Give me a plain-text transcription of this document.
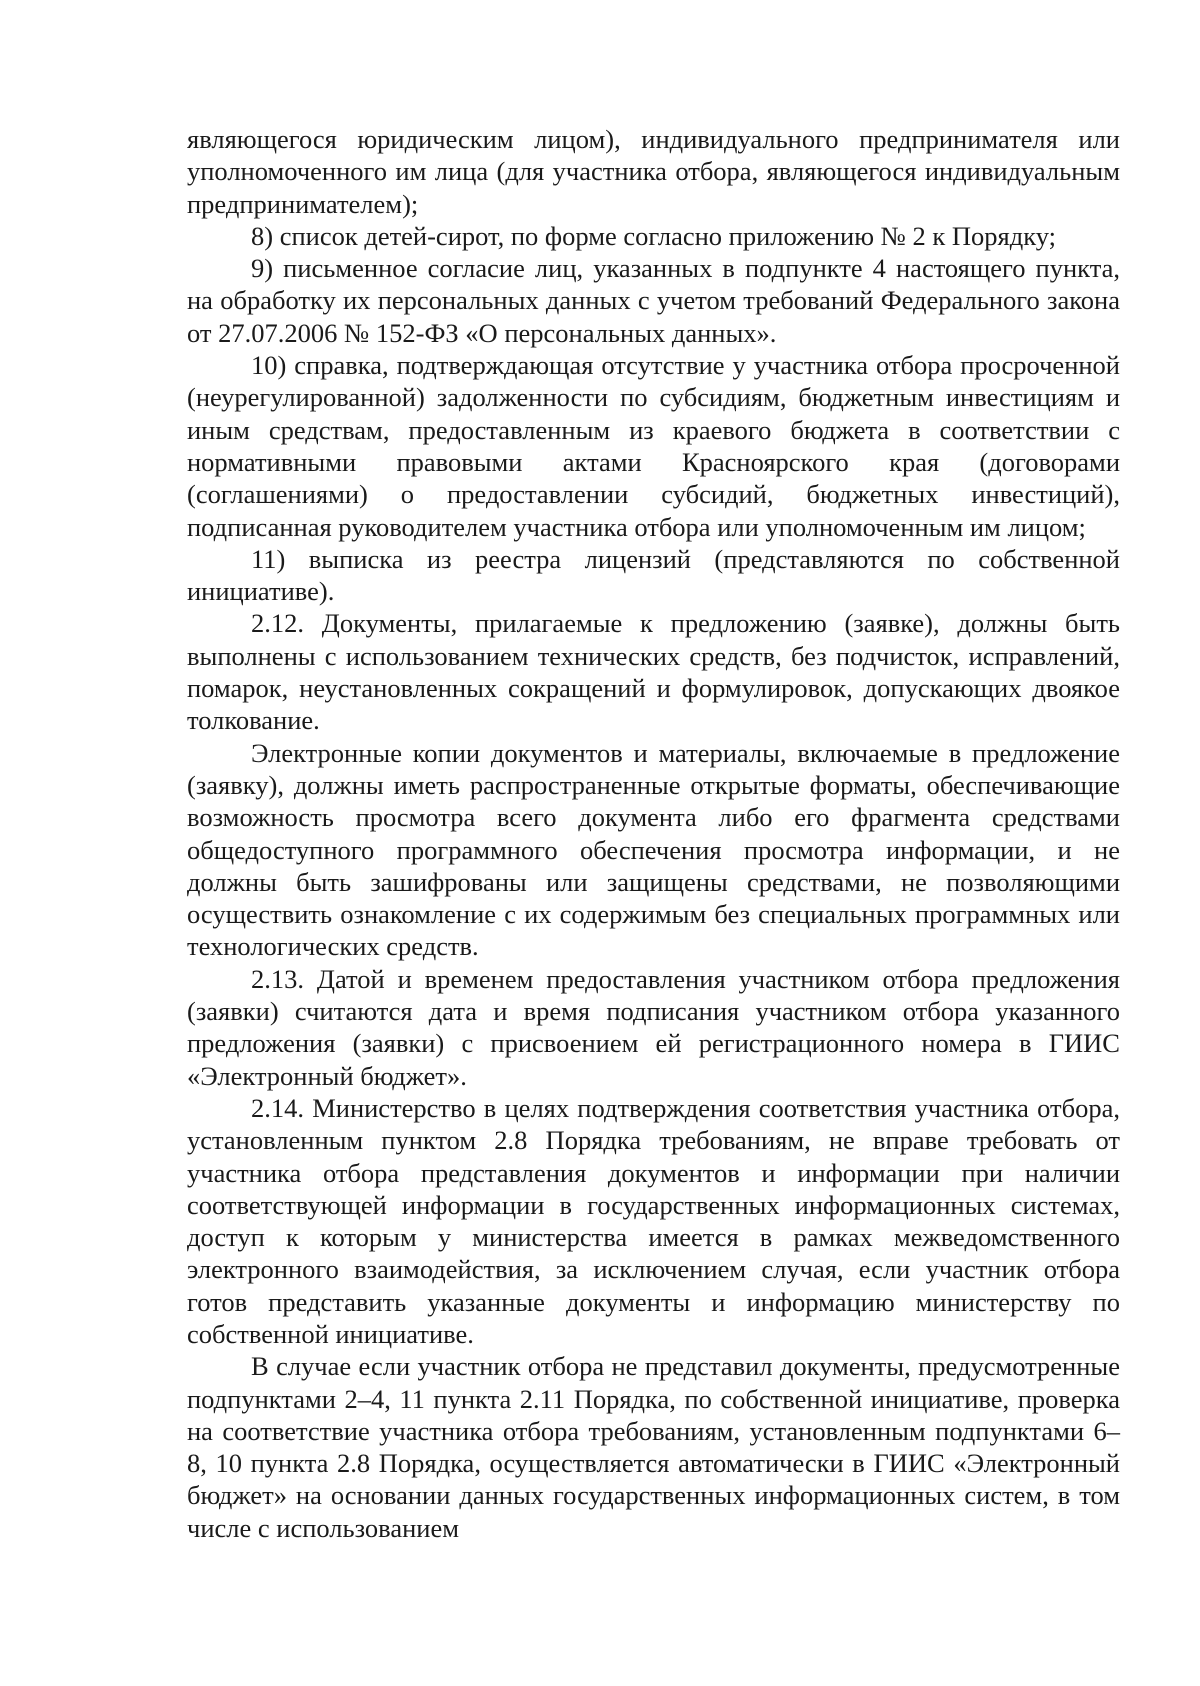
являющегося юридическим лицом), индивидуального предпринимателя или уполномоченного им лица (для участника отбора, являющегося индивидуальным предпринимателем);

8) список детей-сирот, по форме согласно приложению № 2 к Порядку;

9) письменное согласие лиц, указанных в подпункте 4 настоящего пункта, на обработку их персональных данных с учетом требований Федерального закона от 27.07.2006 № 152-ФЗ «О персональных данных».

10) справка, подтверждающая отсутствие у участника отбора просроченной (неурегулированной) задолженности по субсидиям, бюджетным инвестициям и иным средствам, предоставленным из краевого бюджета в соответствии с нормативными правовыми актами Красноярского края (договорами (соглашениями) о предоставлении субсидий, бюджетных инвестиций), подписанная руководителем участника отбора или уполномоченным им лицом;

11) выписка из реестра лицензий (представляются по собственной инициативе).

2.12. Документы, прилагаемые к предложению (заявке), должны быть выполнены с использованием технических средств, без подчисток, исправлений, помарок, неустановленных сокращений и формулировок, допускающих двоякое толкование.

Электронные копии документов и материалы, включаемые в предложение (заявку), должны иметь распространенные открытые форматы, обеспечивающие возможность просмотра всего документа либо его фрагмента средствами общедоступного программного обеспечения просмотра информации, и не должны быть зашифрованы или защищены средствами, не позволяющими осуществить ознакомление с их содержимым без специальных программных или технологических средств.

2.13. Датой и временем предоставления участником отбора предложения (заявки) считаются дата и время подписания участником отбора указанного предложения (заявки) с присвоением ей регистрационного номера в ГИИС «Электронный бюджет».

2.14. Министерство в целях подтверждения соответствия участника отбора, установленным пунктом 2.8 Порядка требованиям, не вправе требовать от участника отбора представления документов и информации при наличии соответствующей информации в государственных информационных системах, доступ к которым у министерства имеется в рамках межведомственного электронного взаимодействия, за исключением случая, если участник отбора готов представить указанные документы и информацию министерству по собственной инициативе.

В случае если участник отбора не представил документы, предусмотренные подпунктами 2–4, 11 пункта 2.11 Порядка, по собственной инициативе, проверка на соответствие участника отбора требованиям, установленным подпунктами 6–8, 10 пункта 2.8 Порядка, осуществляется автоматически в ГИИС «Электронный бюджет» на основании данных государственных информационных систем, в том числе с использованием
